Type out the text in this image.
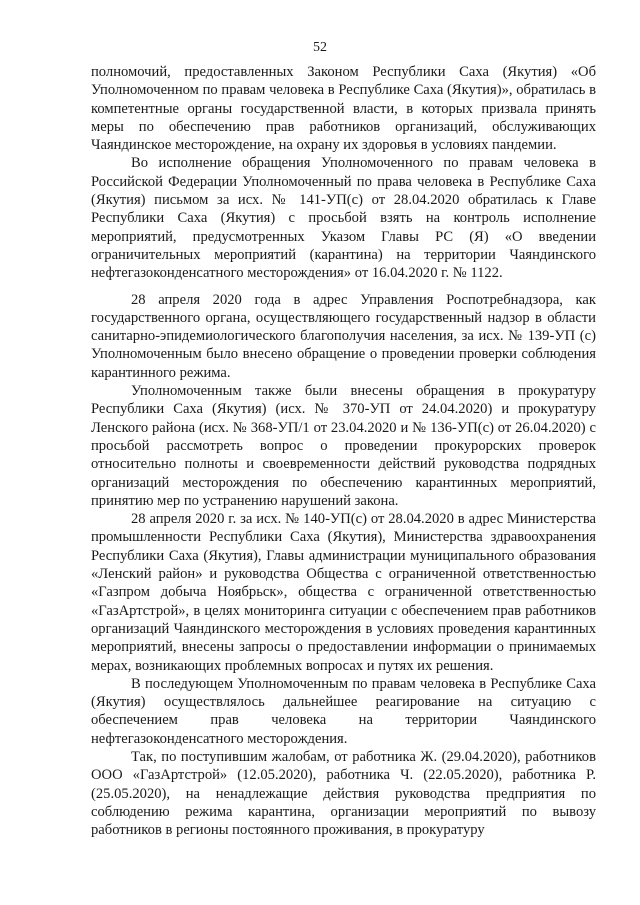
52

полномочий, предоставленных Законом Республики Саха (Якутия) «Об Уполномоченном по правам человека в Республике Саха (Якутия)», обратилась в компетентные органы государственной власти, в которых призвала принять меры по обеспечению прав работников организаций, обслуживающих Чаяндинское месторождение, на охрану их здоровья в условиях пандемии.

Во исполнение обращения Уполномоченного по правам человека в Российской Федерации Уполномоченный по права человека в Республике Саха (Якутия) письмом за исх. № 141-УП(с) от 28.04.2020 обратилась к Главе Республики Саха (Якутия) с просьбой взять на контроль исполнение мероприятий, предусмотренных Указом Главы РС (Я) «О введении ограничительных мероприятий (карантина) на территории Чаяндинского нефтегазоконденсатного месторождения» от 16.04.2020 г. № 1122.

28 апреля 2020 года в адрес Управления Роспотребнадзора, как государственного органа, осуществляющего государственный надзор в области санитарно-эпидемиологического благополучия населения, за исх. № 139-УП (с) Уполномоченным было внесено обращение о проведении проверки соблюдения карантинного режима.

Уполномоченным также были внесены обращения в прокуратуру Республики Саха (Якутия) (исх. № 370-УП от 24.04.2020) и прокуратуру Ленского района (исх. № 368-УП/1 от 23.04.2020 и № 136-УП(с) от 26.04.2020) с просьбой рассмотреть вопрос о проведении прокурорских проверок относительно полноты и своевременности действий руководства подрядных организаций месторождения по обеспечению карантинных мероприятий, принятию мер по устранению нарушений закона.

28 апреля 2020 г. за исх. № 140-УП(с) от 28.04.2020 в адрес Министерства промышленности Республики Саха (Якутия), Министерства здравоохранения Республики Саха (Якутия), Главы администрации муниципального образования «Ленский район» и руководства Общества с ограниченной ответственностью «Газпром добыча Ноябрьск», общества с ограниченной ответственностью «ГазАртстрой», в целях мониторинга ситуации с обеспечением прав работников организаций Чаяндинского месторождения в условиях проведения карантинных мероприятий, внесены запросы о предоставлении информации о принимаемых мерах, возникающих проблемных вопросах и путях их решения.

В последующем Уполномоченным по правам человека в Республике Саха (Якутия) осуществлялось дальнейшее реагирование на ситуацию с обеспечением прав человека на территории Чаяндинского нефтегазоконденсатного месторождения.

Так, по поступившим жалобам, от работника Ж. (29.04.2020), работников ООО «ГазАртстрой» (12.05.2020), работника Ч. (22.05.2020), работника Р. (25.05.2020), на ненадлежащие действия руководства предприятия по соблюдению режима карантина, организации мероприятий по вывозу работников в регионы постоянного проживания, в прокуратуру
